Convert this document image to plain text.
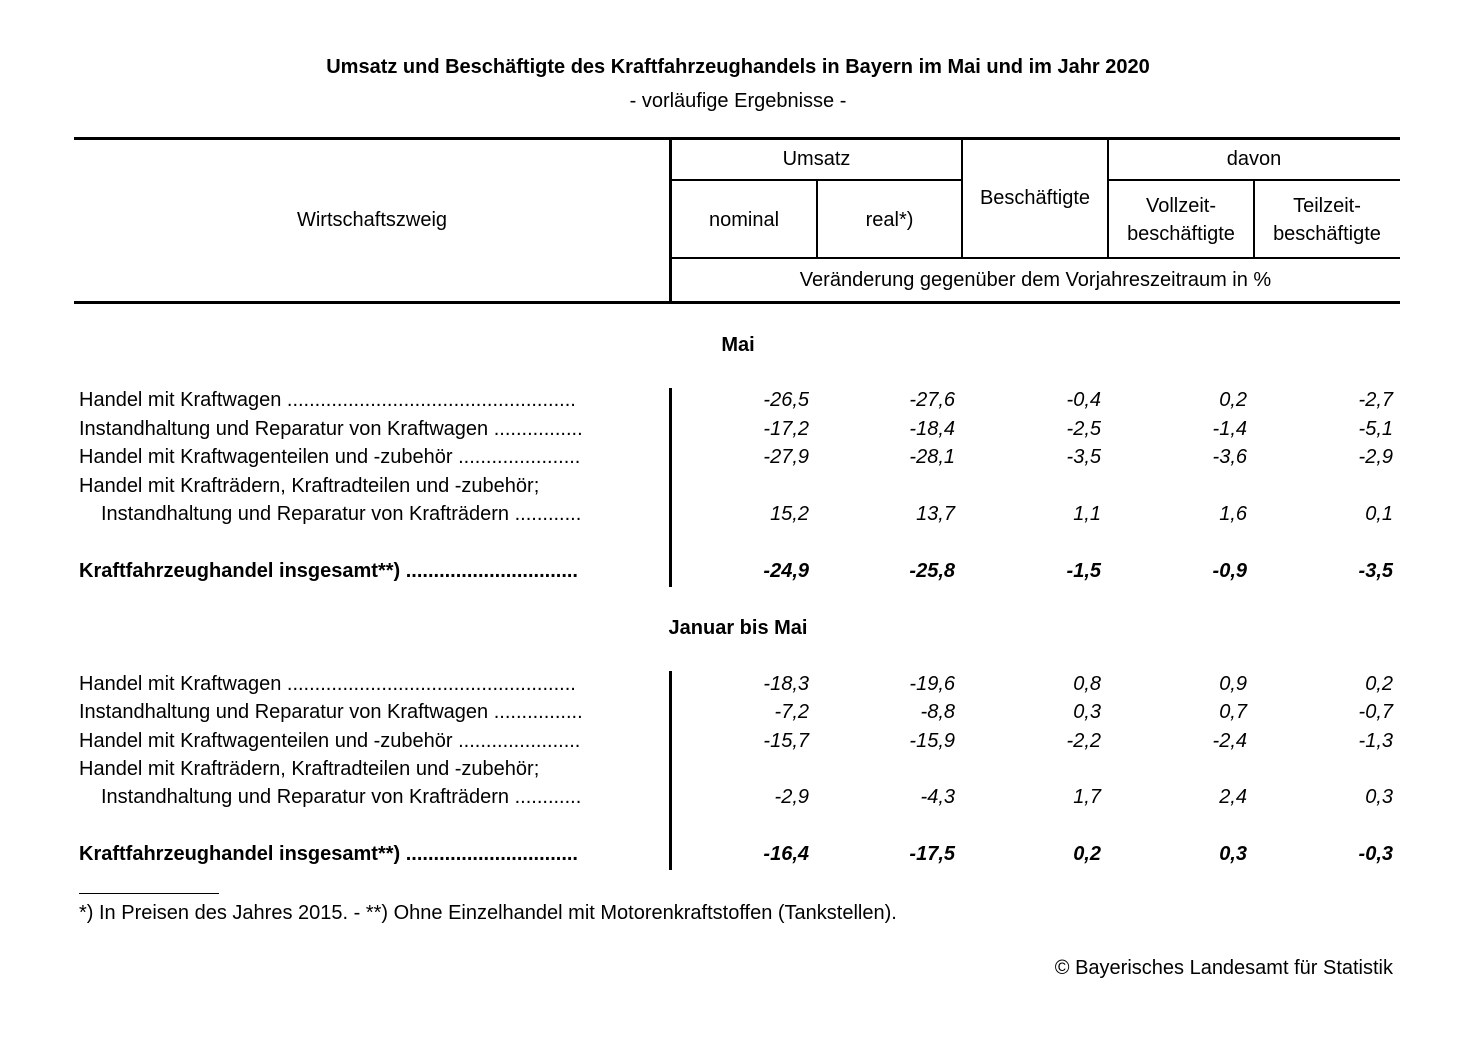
Umsatz und Beschäftigte des Kraftfahrzeughandels in Bayern im Mai und im Jahr 2020
- vorläufige Ergebnisse -
Wirtschaftszweig
Umsatz
nominal	real*)
Beschäftigte
davon
Vollzeit-
beschäftigte
Teilzeit-
beschäftigte
Veränderung gegenüber dem Vorjahreszeitraum in %
Mai
Handel mit Kraftwagen ....................................................	-26,5	-27,6	-0,4	0,2	-2,7
Instandhaltung und Reparatur von Kraftwagen ................	-17,2	-18,4	-2,5	-1,4	-5,1
Handel mit Kraftwagenteilen und -zubehör ......................	-27,9	-28,1	-3,5	-3,6	-2,9
Handel mit Krafträdern, Kraftradteilen und -zubehör;
Instandhaltung und Reparatur von Krafträdern ............	15,2	13,7	1,1	1,6	0,1
Kraftfahrzeughandel insgesamt**) ...............................	-24,9	-25,8	-1,5	-0,9	-3,5
Januar bis Mai
Handel mit Kraftwagen ....................................................	-18,3	-19,6	0,8	0,9	0,2
Instandhaltung und Reparatur von Kraftwagen ................	-7,2	-8,8	0,3	0,7	-0,7
Handel mit Kraftwagenteilen und -zubehör ......................	-15,7	-15,9	-2,2	-2,4	-1,3
Handel mit Krafträdern, Kraftradteilen und -zubehör;
Instandhaltung und Reparatur von Krafträdern ............	-2,9	-4,3	1,7	2,4	0,3
Kraftfahrzeughandel insgesamt**) ...............................	-16,4	-17,5	0,2	0,3	-0,3
*) In Preisen des Jahres 2015. - **) Ohne Einzelhandel mit Motorenkraftstoffen (Tankstellen).
© Bayerisches Landesamt für Statistik
